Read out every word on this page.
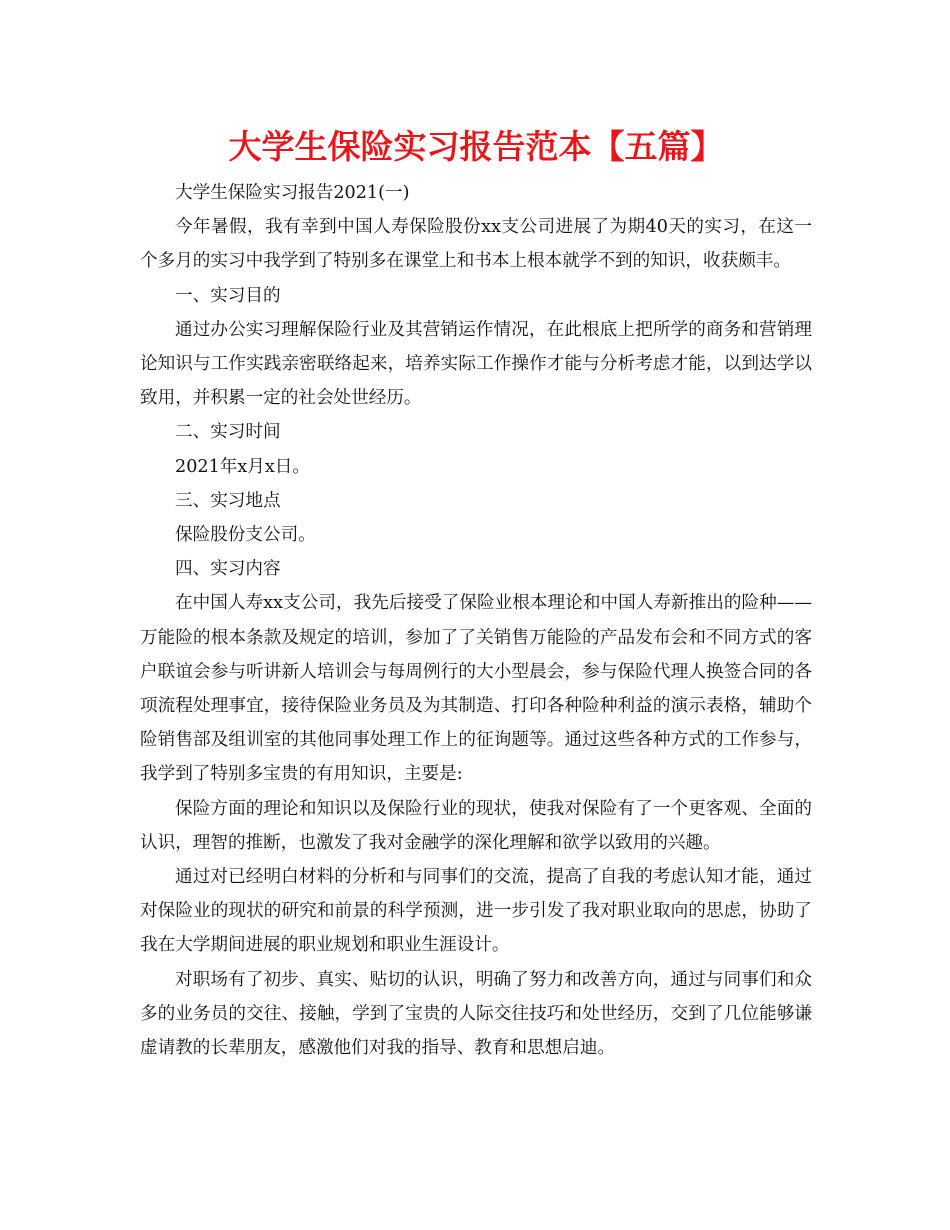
大学生保险实习报告范本【五篇】

大学生保险实习报告2021(一)

今年暑假，我有幸到中国人寿保险股份xx支公司进展了为期40天的实习，在这一个多月的实习中我学到了特别多在课堂上和书本上根本就学不到的知识，收获颇丰。

一、实习目的

通过办公实习理解保险行业及其营销运作情况，在此根底上把所学的商务和营销理论知识与工作实践亲密联络起来，培养实际工作操作才能与分析考虑才能，以到达学以致用，并积累一定的社会处世经历。

二、实习时间

2021年x月x日。

三、实习地点

保险股份支公司。

四、实习内容

在中国人寿xx支公司，我先后接受了保险业根本理论和中国人寿新推出的险种——万能险的根本条款及规定的培训，参加了了关销售万能险的产品发布会和不同方式的客户联谊会参与听讲新人培训会与每周例行的大小型晨会，参与保险代理人换签合同的各项流程处理事宜，接待保险业务员及为其制造、打印各种险种利益的演示表格，辅助个险销售部及组训室的其他同事处理工作上的征询题等。通过这些各种方式的工作参与，我学到了特别多宝贵的有用知识，主要是:

保险方面的理论和知识以及保险行业的现状，使我对保险有了一个更客观、全面的认识，理智的推断，也激发了我对金融学的深化理解和欲学以致用的兴趣。

通过对已经明白材料的分析和与同事们的交流，提高了自我的考虑认知才能，通过对保险业的现状的研究和前景的科学预测，进一步引发了我对职业取向的思虑，协助了我在大学期间进展的职业规划和职业生涯设计。

对职场有了初步、真实、贴切的认识，明确了努力和改善方向，通过与同事们和众多的业务员的交往、接触，学到了宝贵的人际交往技巧和处世经历，交到了几位能够谦虚请教的长辈朋友，感激他们对我的指导、教育和思想启迪。
